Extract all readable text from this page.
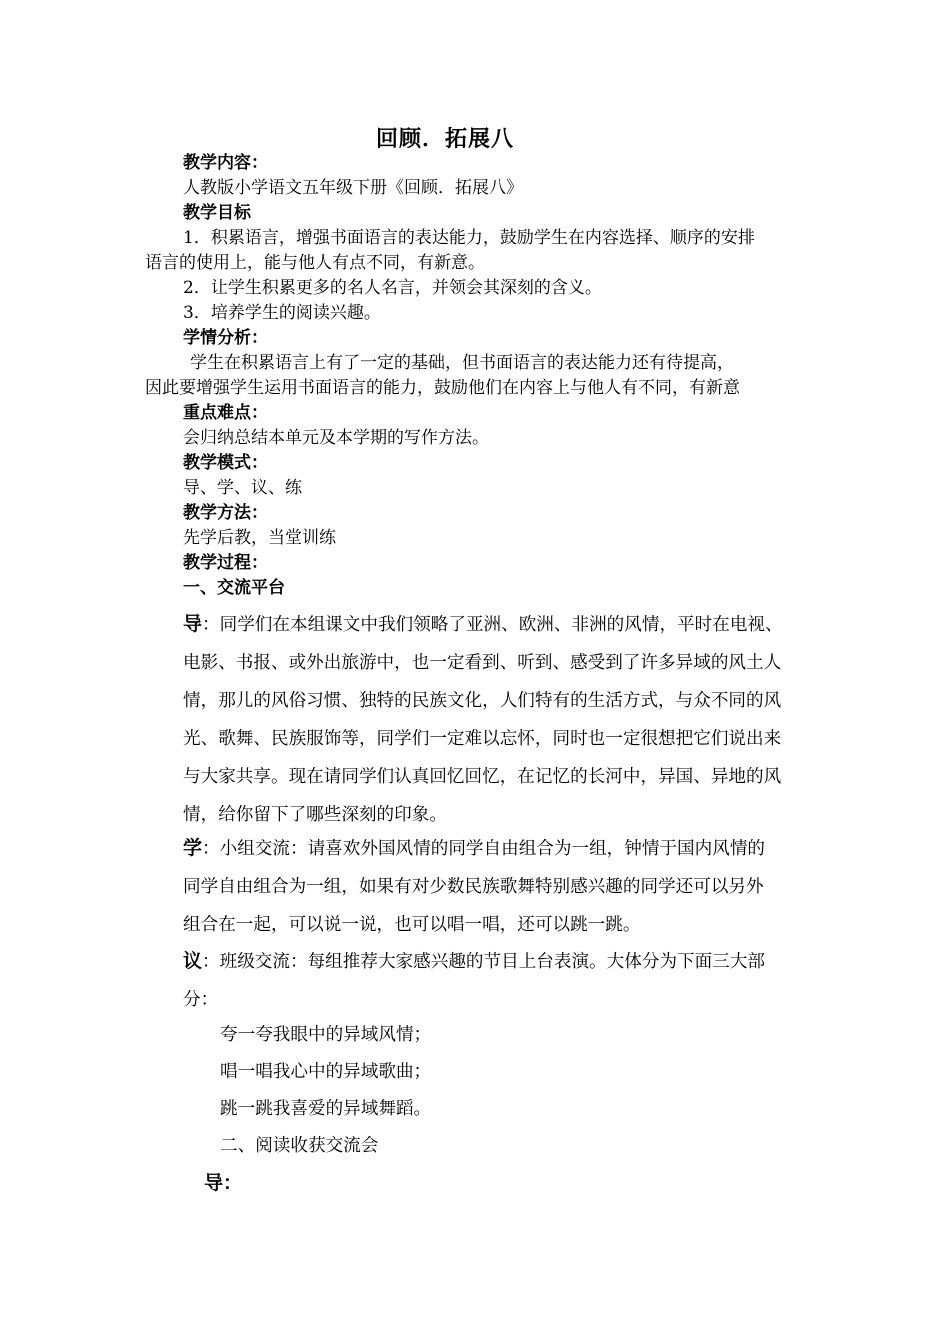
回顾．拓展八
教学内容：
人教版小学语文五年级下册《回顾．拓展八》
教学目标
1．积累语言，增强书面语言的表达能力，鼓励学生在内容选择、顺序的安排
语言的使用上，能与他人有点不同，有新意。
2．让学生积累更多的名人名言，并领会其深刻的含义。
3．培养学生的阅读兴趣。
学情分析：
学生在积累语言上有了一定的基础，但书面语言的表达能力还有待提高，
因此要增强学生运用书面语言的能力，鼓励他们在内容上与他人有不同，有新意
重点难点：
会归纳总结本单元及本学期的写作方法。
教学模式：
导、学、议、练
教学方法：
先学后教，当堂训练
教学过程：
一、交流平台
导：同学们在本组课文中我们领略了亚洲、欧洲、非洲的风情，平时在电视、
电影、书报、或外出旅游中，也一定看到、听到、感受到了许多异域的风土人
情，那儿的风俗习惯、独特的民族文化，人们特有的生活方式，与众不同的风
光、歌舞、民族服饰等，同学们一定难以忘怀，同时也一定很想把它们说出来
与大家共享。现在请同学们认真回忆回忆，在记忆的长河中，异国、异地的风
情，给你留下了哪些深刻的印象。
学：小组交流：请喜欢外国风情的同学自由组合为一组，钟情于国内风情的
同学自由组合为一组，如果有对少数民族歌舞特别感兴趣的同学还可以另外
组合在一起，可以说一说，也可以唱一唱，还可以跳一跳。
议：班级交流：每组推荐大家感兴趣的节目上台表演。大体分为下面三大部
分：
夸一夸我眼中的异域风情；
唱一唱我心中的异域歌曲；
跳一跳我喜爱的异域舞蹈。
二、阅读收获交流会
导：
